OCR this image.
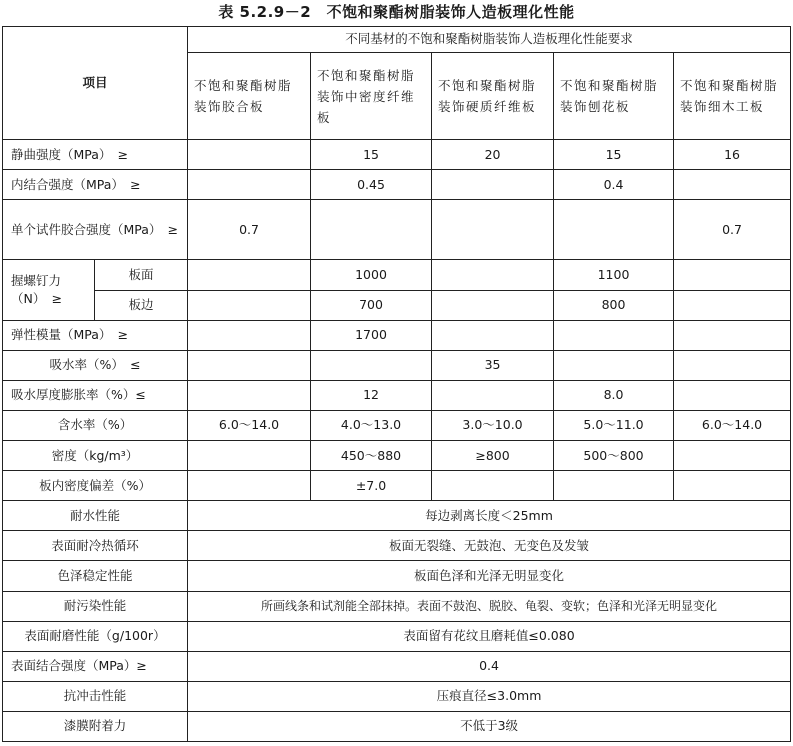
表 5.2.9－2　不饱和聚酯树脂装饰人造板理化性能
项目		不同基材的不饱和聚酯树脂装饰人造板理化性能要求				
		不饱和聚酯树脂装饰胶合板	不饱和聚酯树脂装饰中密度纤维板	不饱和聚酯树脂装饰硬质纤维板	不饱和聚酯树脂装饰刨花板	不饱和聚酯树脂装饰细木工板
静曲强度（MPa）　≥			15	20	15	16
内结合强度（MPa）　≥			0.45		0.4	
单个试件胶合强度（MPa）　≥		0.7				0.7
握螺钉力（N）　≥	板面		1000		1100	
	板边		700		800	
弹性模量（MPa）　≥			1700			
吸水率（%）　≤				35		
吸水厚度膨胀率（%）≤			12		8.0	
含水率（%）		6.0～14.0	4.0～13.0	3.0～10.0	5.0～11.0	6.0～14.0
密度（kg/m³）			450～880	≥800	500～800	
板内密度偏差（%）			±7.0			
耐水性能		每边剥离长度＜25mm				
表面耐冷热循环		板面无裂缝、无鼓泡、无变色及发皱				
色泽稳定性能		板面色泽和光泽无明显变化				
耐污染性能		所画线条和试剂能全部抹掉。表面不鼓泡、脱胶、龟裂、变软；色泽和光泽无明显变化				
表面耐磨性能（g/100r）		表面留有花纹且磨耗值≤0.080				
表面结合强度（MPa）≥		0.4				
抗冲击性能		压痕直径≤3.0mm				
漆膜附着力		不低于3级				
